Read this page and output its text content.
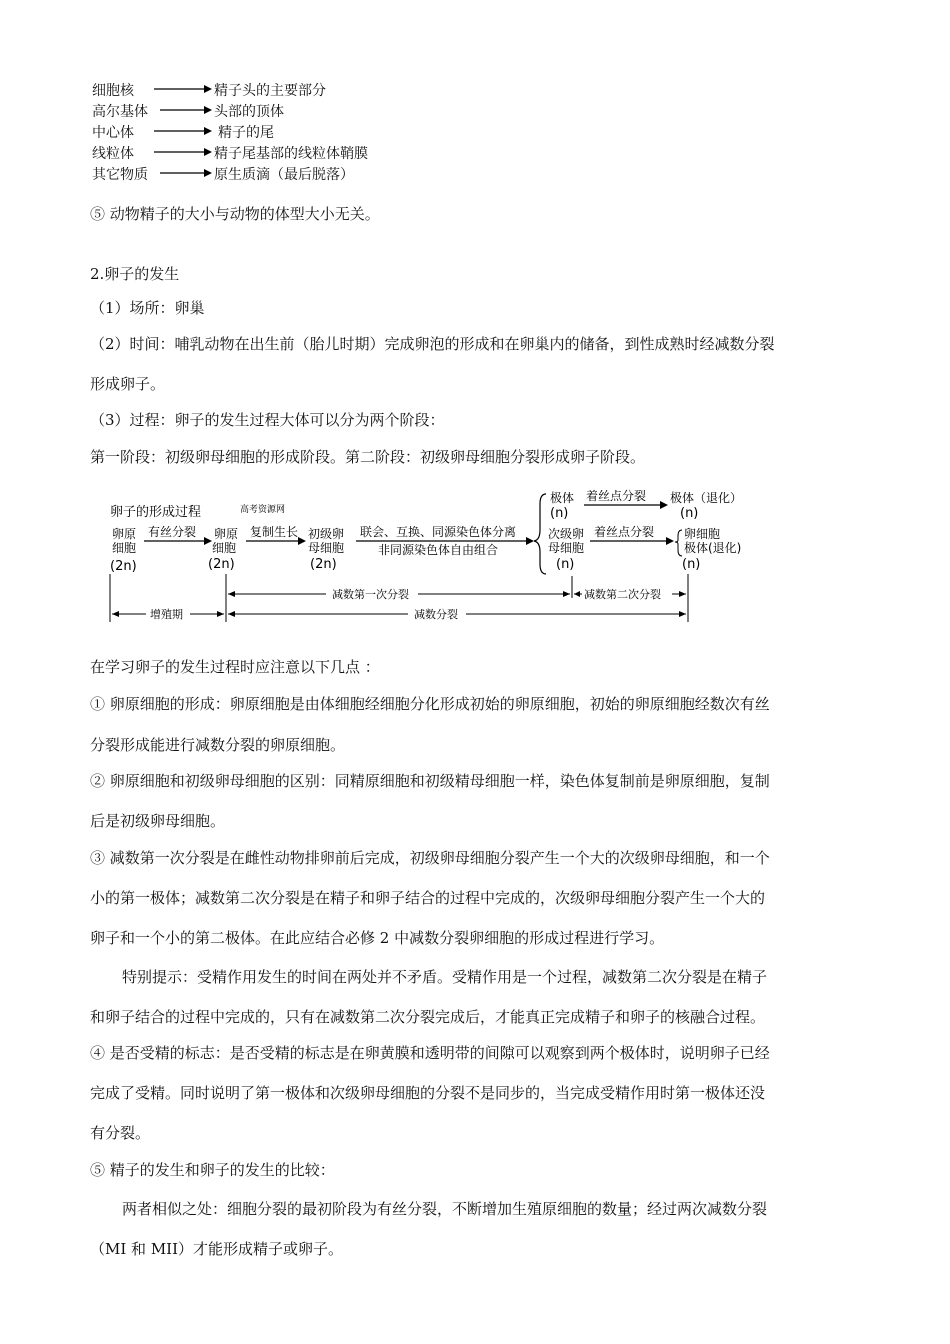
细胞核	精子头的主要部分
高尔基体	头部的顶体
中心体	精子的尾
线粒体	精子尾基部的线粒体鞘膜
其它物质	原生质滴（最后脱落）
⑤ 动物精子的大小与动物的体型大小无关。
2.卵子的发生
（1）场所：卵巢
（2）时间：哺乳动物在出生前（胎儿时期）完成卵泡的形成和在卵巢内的储备，到性成熟时经减数分裂
形成卵子。
（3）过程：卵子的发生过程大体可以分为两个阶段：
第一阶段：初级卵母细胞的形成阶段。第二阶段：初级卵母细胞分裂形成卵子阶段。
卵子的形成过程	高考资源网
卵原
细胞
(2n)
有丝分裂 卵原
细胞
(2n)
复制生长 初级卵
母细胞
(2n)
联会、互换、同源染色体分离
非同源染色体自由组合
极体
(n)
着丝点分裂 极体（退化）
(n)
次级卵
母细胞
(n)
着丝点分裂 卵细胞
极体(退化)
(n)
减数第一次分裂	减数第二次分裂
增殖期	减数分裂
在学习卵子的发生过程时应注意以下几点 ：
① 卵原细胞的形成：卵原细胞是由体细胞经细胞分化形成初始的卵原细胞，初始的卵原细胞经数次有丝
分裂形成能进行减数分裂的卵原细胞。
② 卵原细胞和初级卵母细胞的区别：同精原细胞和初级精母细胞一样，染色体复制前是卵原细胞，复制
后是初级卵母细胞。
③ 减数第一次分裂是在雌性动物排卵前后完成，初级卵母细胞分裂产生一个大的次级卵母细胞，和一个
小的第一极体；减数第二次分裂是在精子和卵子结合的过程中完成的，次级卵母细胞分裂产生一个大的
卵子和一个小的第二极体。在此应结合必修 2 中减数分裂卵细胞的形成过程进行学习。
特别提示：受精作用发生的时间在两处并不矛盾。受精作用是一个过程，减数第二次分裂是在精子
和卵子结合的过程中完成的，只有在减数第二次分裂完成后，才能真正完成精子和卵子的核融合过程。
④ 是否受精的标志：是否受精的标志是在卵黄膜和透明带的间隙可以观察到两个极体时，说明卵子已经
完成了受精。同时说明了第一极体和次级卵母细胞的分裂不是同步的，当完成受精作用时第一极体还没
有分裂。
⑤ 精子的发生和卵子的发生的比较：
两者相似之处：细胞分裂的最初阶段为有丝分裂，不断增加生殖原细胞的数量；经过两次减数分裂
（MI 和 MII）才能形成精子或卵子。
